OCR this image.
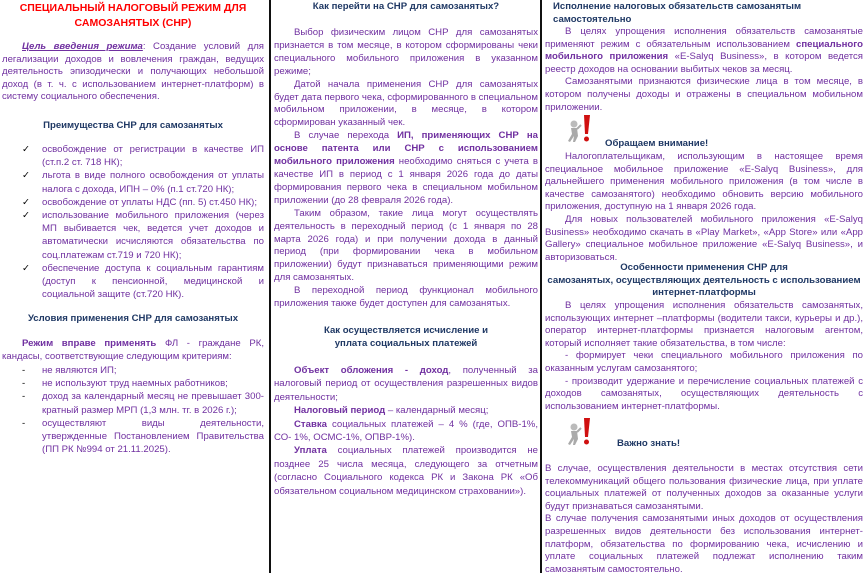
СПЕЦИАЛЬНЫЙ НАЛОГОВЫЙ РЕЖИМ ДЛЯ
САМОЗАНЯТЫХ (СНР)

Цель введения режима: Создание условий для легализации доходов и вовлечения граждан, ведущих деятельность эпизодически и получающих небольшой доход (в т. ч. с использованием интернет-платформ) в систему социального обеспечения.

Преимущества СНР для самозанятых
✓ освобождение от регистрации в качестве ИП (ст.п.2 ст. 718 НК);
✓ льгота в виде полного освобождения от уплаты налога с дохода, ИПН – 0% (п.1 ст.720 НК);
✓ освобождение от уплаты НДС (пп. 5) ст.450 НК);
✓ использование мобильного приложения (через МП выбивается чек, ведется учет доходов и автоматически исчисляются обязательства по соц.платежам ст.719 и 720 НК);
✓ обеспечение доступа к социальным гарантиям (доступ к пенсионной, медицинской и социальной защите (ст.720 НК).
Условия применения СНР для самозанятых

Режим вправе применять ФЛ - граждане РК, кандасы, соответствующие следующим критериям:

- не являются ИП;
- не используют труд наемных работников;
- доход за календарный месяц не превышает 300-кратный размер МРП (1,3 млн. тг. в 2026 г.);
- осуществляют виды деятельности, утвержденные Постановлением Правительства (ПП РК №994 от 21.11.2025).
Как перейти на СНР для самозанятых?

Выбор физическим лицом СНР для самозанятых признается в том месяце, в котором сформированы чеки специального мобильного приложения в указанном режиме;

Датой начала применения СНР для самозанятых будет дата первого чека, сформированного в специальном мобильном приложении, в месяце, в котором сформирован указанный чек.

В случае перехода ИП, применяющих СНР на основе патента или СНР с использованием мобильного приложения необходимо сняться с учета в качестве ИП в период с 1 января 2026 года до даты формирования первого чека в специальном мобильном приложении (до 28 февраля 2026 года).

Таким образом, такие лица могут осуществлять деятельность в переходный период (с 1 января по 28 марта 2026 года) и при получении дохода в данный период (при формировании чека в мобильном приложении) будут признаваться применяющими режим для самозанятых.

В переходной период функционал мобильного приложения также будет доступен для самозанятых.

Как осуществляется исчисление и
уплата социальных платежей

Объект обложения - доход, полученный за налоговый период от осуществления разрешенных видов деятельности;

Налоговый период – календарный месяц;

Ставка социальных платежей – 4 % (где, ОПВ-1%, СО- 1%, ОСМС-1%, ОПВР-1%).

Уплата социальных платежей производится не позднее 25 числа месяца, следующего за отчетным (согласно Социального кодекса РК и Закона РК «Об обязательном социальном медицинском страховании»).

Исполнение налоговых обязательств самозанятым самостоятельно

В целях упрощения исполнения обязательств самозанятые применяют режим с обязательным использованием специального мобильного приложения «E-Salyq Business», в котором ведется реестр доходов на основании выбитых чеков за месяц.

Самозанятыми признаются физические лица в том месяце, в котором получены доходы и отражены в специальном мобильном приложении.

Обращаем внимание!

Налогоплательщикам, использующим в настоящее время специальное мобильное приложение «E-Salyq Business», для дальнейшего применения мобильного приложения (в том числе в качестве самозанятого) необходимо обновить версию мобильного приложения, доступную на 1 января 2026 года.

Для новых пользователей мобильного приложения «E-Salyq Business» необходимо скачать в «Play Market», «App Store» или «App Gallery» специальное мобильное приложение «E-Salyq Business», и авторизоваться.

Особенности применения СНР для
самозанятых, осуществляющих деятельность с использованием
интернет-платформы

В целях упрощения исполнения обязательств самозанятых, использующих интернет –платформы (водители такси, курьеры и др.), оператор интернет-платформы признается налоговым агентом, который исполняет такие обязательства, в том числе:

- формирует чеки специального мобильного приложения по оказанным услугам самозанятого;

- производит удержание и перечисление социальных платежей с доходов самозанятых, осуществляющих деятельность с использованием интернет-платформы.

Важно знать!

В случае, осуществления деятельности в местах отсутствия сети телекоммуникаций общего пользования физические лица, при уплате социальных платежей от полученных доходов за оказанные услуги будут признаваться самозанятыми.

В случае получения самозанятыми иных доходов от осуществления разрешенных видов деятельности без использования интернет-платформ, обязательства по формированию чека, исчислению и уплате социальных платежей подлежат исполнению таким самозанятым самостоятельно.
